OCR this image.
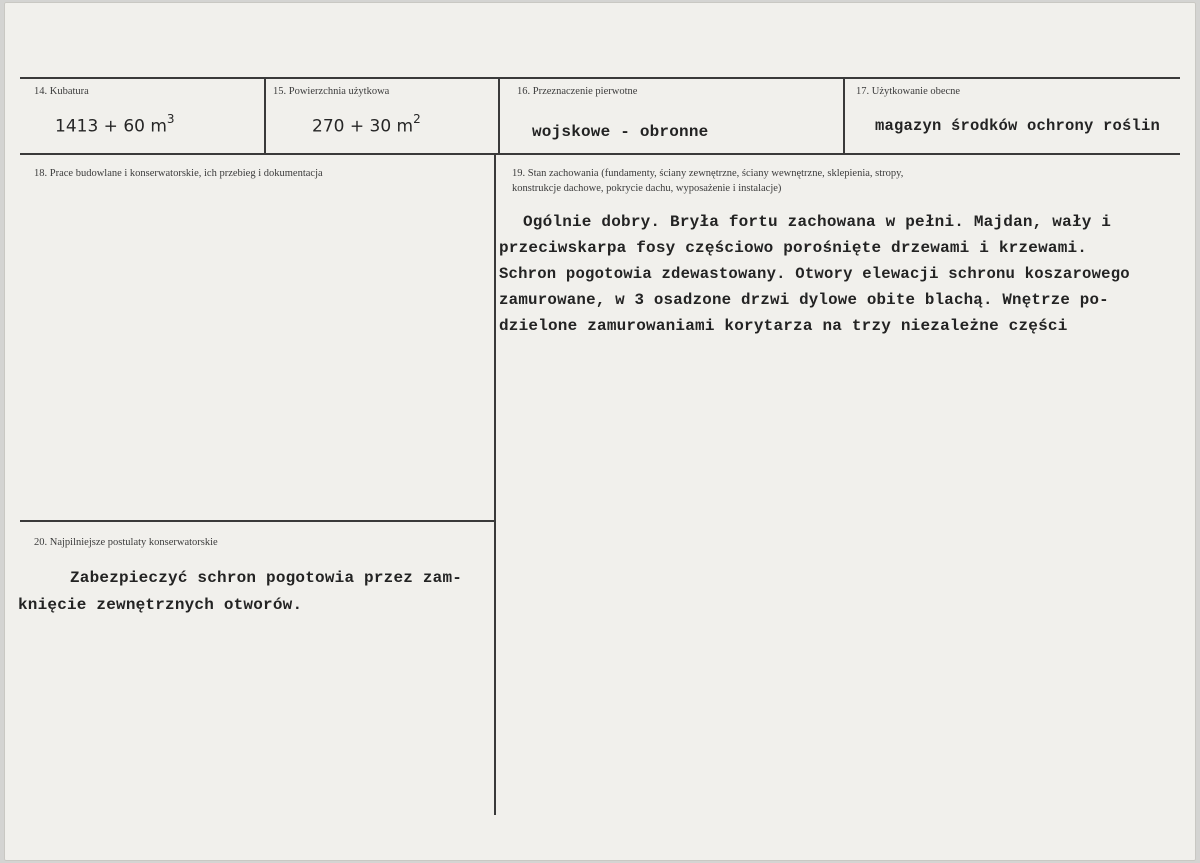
14. Kubatura
1413 + 60 $m^3$
15. Powierzchnia użytkowa
270 + 30 $m^2$
16. Przeznaczenie pierwotne
wojskowe - obronne
17. Użytkowanie obecne
magazyn środków ochrony roślin
18. Prace budowlane i konserwatorskie, ich przebieg i dokumentacja	19. Stan zachowania (fundamenty, ściany zewnętrzne, ściany wewnętrzne, sklepienia, stropy,
konstrukcje dachowe, pokrycie dachu, wyposażenie i instalacje)
Ogólnie dobry. Bryła fortu zachowana w pełni. Majdan, wały i
przeciwskarpa fosy częściowo porośnięte drzewami i krzewami.
Schron pogotowia zdewastowany. Otwory elewacji schronu koszarowego
zamurowane, w 3 osadzone drzwi dylowe obite blachą. Wnętrze po-
dzielone zamurowaniami korytarza na trzy niezależne części
20. Najpilniejsze postulaty konserwatorskie
Zabezpieczyć schron pogotowia przez zam-
knięcie zewnętrznych otworów.
